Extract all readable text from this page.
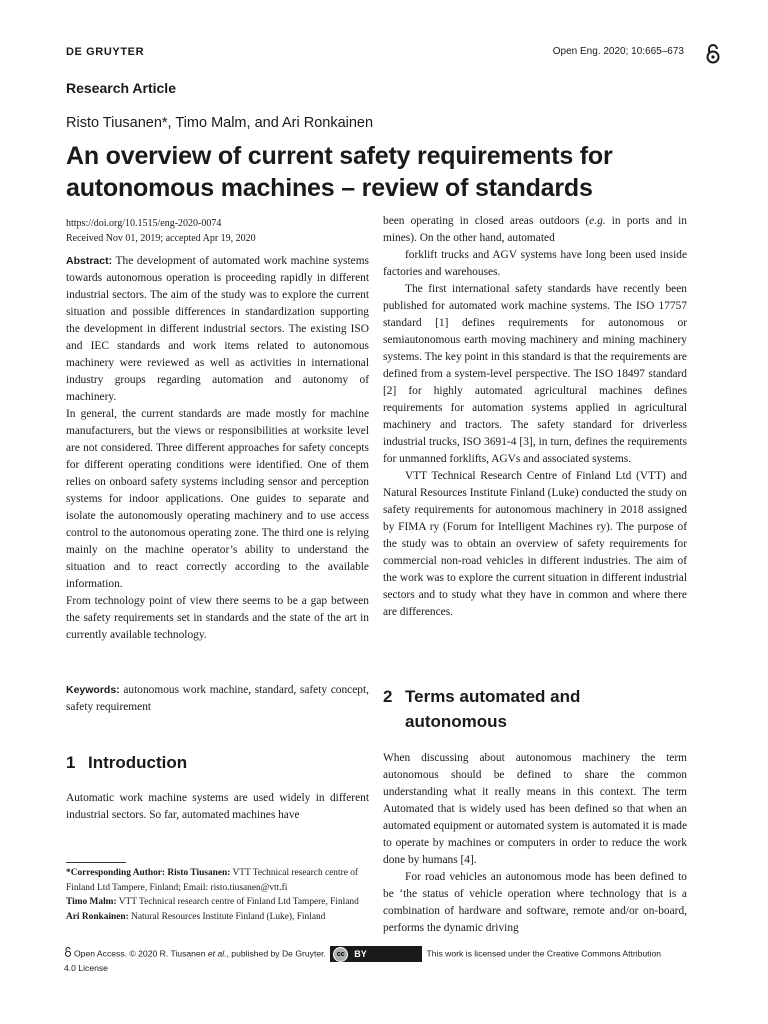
DE GRUYTER	Open Eng. 2020; 10:665–673
Research Article
Risto Tiusanen*, Timo Malm, and Ari Ronkainen
An overview of current safety requirements for
autonomous machines – review of standards
https://doi.org/10.1515/eng-2020-0074
Received Nov 01, 2019; accepted Apr 19, 2020

Abstract: The development of automated work machine systems towards autonomous operation is proceeding rapidly in different industrial sectors. The aim of the study was to explore the current situation and possible differences in standardization supporting the development in different industrial sectors. The existing ISO and IEC standards and work items related to autonomous machinery were reviewed as well as activities in international industry groups regarding automation and autonomy of machinery.

In general, the current standards are made mostly for machine manufacturers, but the views or responsibilities at worksite level are not considered. Three different approaches for safety concepts for different operating conditions were identified. One of them relies on onboard safety systems including sensor and perception systems for indoor applications. One guides to separate and isolate the autonomously operating machinery and to use access control to the autonomous operating zone. The third one is relying mainly on the machine operator’s ability to understand the situation and to react correctly according to the available information.

From technology point of view there seems to be a gap between the safety requirements set in standards and the state of the art in currently available technology.

Keywords: autonomous work machine, standard, safety concept, safety requirement

1 Introduction

Automatic work machine systems are used widely in different industrial sectors. So far, automated machines have

*Corresponding Author: Risto Tiusanen: VTT Technical research centre of Finland Ltd Tampere, Finland; Email: risto.tiusanen@vtt.fi

Timo Malm: VTT Technical research centre of Finland Ltd Tampere, Finland

Ari Ronkainen: Natural Resources Institute Finland (Luke), Finland

been operating in closed areas outdoors (e.g. in ports and in mines). On the other hand, automated

forklift trucks and AGV systems have long been used inside factories and warehouses.

The first international safety standards have recently been published for automated work machine systems. The ISO 17757 standard [1] defines requirements for autonomous or semiautonomous earth moving machinery and mining machinery systems. The key point in this standard is that the requirements are defined from a system-level perspective. The ISO 18497 standard [2] for highly automated agricultural machines defines requirements for automation systems applied in agricultural machinery and tractors. The safety standard for driverless industrial trucks, ISO 3691-4 [3], in turn, defines the requirements for unmanned forklifts, AGVs and associated systems.

VTT Technical Research Centre of Finland Ltd (VTT) and Natural Resources Institute Finland (Luke) conducted the study on safety requirements for autonomous machinery in 2018 assigned by FIMA ry (Forum for Intelligent Machines ry). The purpose of the study was to obtain an overview of safety requirements for commercial non-road vehicles in different industries. The aim of the work was to explore the current situation in different industrial sectors and to study what they have in common and where there are differences.

2 Terms automated and
autonomous

When discussing about autonomous machinery the term autonomous should be defined to share the common understanding what it really means in this context. The term Automated that is widely used has been defined so that when an automated equipment or automated system is automated it is made to operate by machines or computers in order to reduce the work done by humans [4].

For road vehicles an autonomous mode has been defined to be ‘the status of vehicle operation where technology that is a combination of hardware and software, remote and/or on-board, performs the dynamic driving

Open Access. © 2020 R. Tiusanen et al., published by De Gruyter.	cc	BY	This work is licensed under the Creative Commons Attribution
4.0 License
